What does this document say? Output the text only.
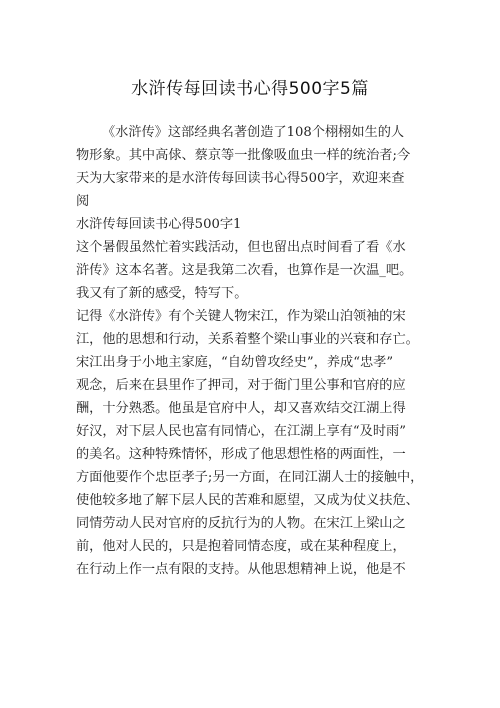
水浒传每回读书心得500字5篇
《水浒传》这部经典名著创造了108个栩栩如生的人
物形象。其中高俅、蔡京等一批像吸血虫一样的统治者;今
天为大家带来的是水浒传每回读书心得500字，欢迎来查
阅
水浒传每回读书心得500字1
这个暑假虽然忙着实践活动，但也留出点时间看了看《水
浒传》这本名著。这是我第二次看，也算作是一次温_吧。
我又有了新的感受，特写下。
记得《水浒传》有个关键人物宋江，作为梁山泊领袖的宋
江，他的思想和行动，关系着整个梁山事业的兴衰和存亡。
宋江出身于小地主家庭，“自幼曾攻经史”，养成“忠孝”
观念，后来在县里作了押司，对于衙门里公事和官府的应
酬，十分熟悉。他虽是官府中人，却又喜欢结交江湖上得
好汉，对下层人民也富有同情心，在江湖上享有“及时雨”
的美名。这种特殊情怀，形成了他思想性格的两面性，一
方面他要作个忠臣孝子;另一方面，在同江湖人士的接触中，
使他较多地了解下层人民的苦难和愿望，又成为仗义扶危、
同情劳动人民对官府的反抗行为的人物。在宋江上梁山之
前，他对人民的，只是抱着同情态度，或在某种程度上，
在行动上作一点有限的支持。从他思想精神上说，他是不
